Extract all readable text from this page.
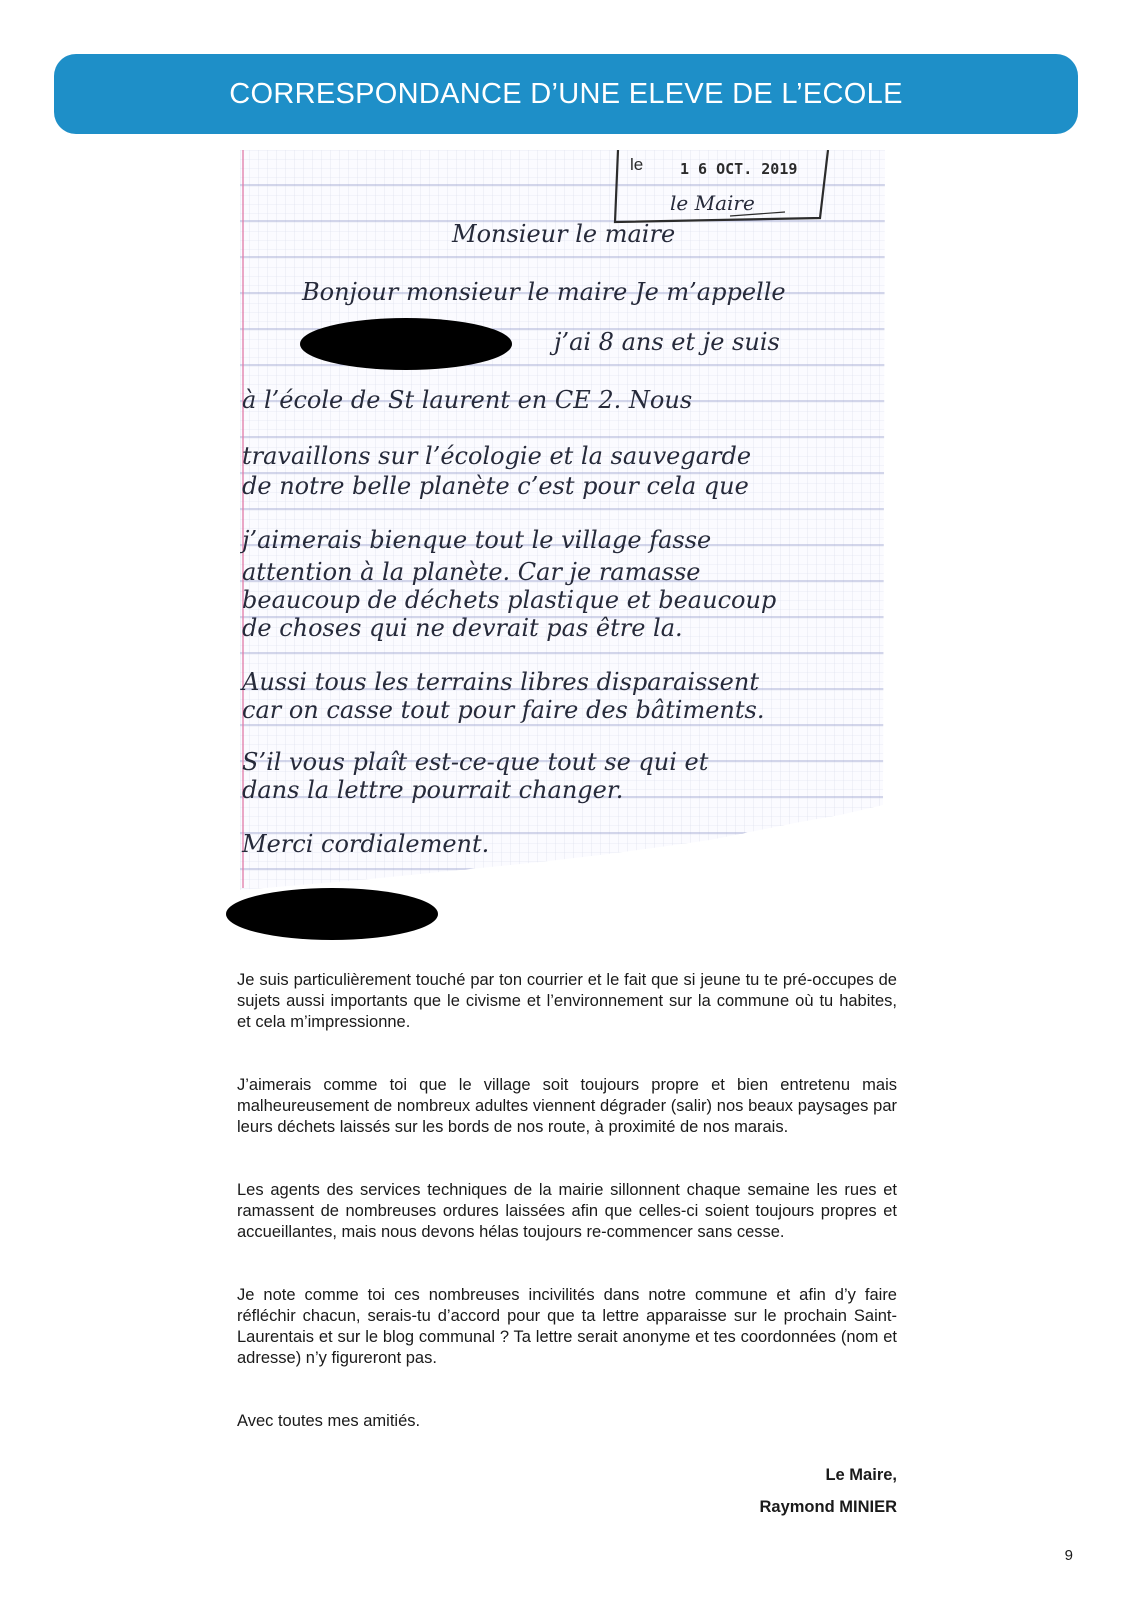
CORRESPONDANCE D’UNE ELEVE DE L’ECOLE
le 1 6 OCT. 2019
le Maire
Monsieur le maire
Bonjour monsieur le maire Je m’appelle
j’ai 8 ans et je suis
à l’école de St laurent en CE 2. Nous
travaillons sur l’écologie et la sauvegarde
de notre belle planète c’est pour cela que
j’aimerais bienque tout le village fasse
attention à la planète. Car je ramasse
beaucoup de déchets plastique et beaucoup
de choses qui ne devrait pas être la.
Aussi tous les terrains libres disparaissent
car on casse tout pour faire des bâtiments.
S’il vous plaît est-ce-que tout se qui et
dans la lettre pourrait changer.
Merci cordialement.

Je suis particulièrement touché par ton courrier et le fait que si jeune tu te pré-occupes de sujets aussi importants que le civisme et l’environnement sur la commune où tu habites, et cela m’impressionne.

J’aimerais comme toi que le village soit toujours propre et bien entretenu mais malheureusement de nombreux adultes viennent dégrader (salir) nos beaux paysages par leurs déchets laissés sur les bords de nos route, à proximité de nos marais.

Les agents des services techniques de la mairie sillonnent chaque semaine les rues et ramassent de nombreuses ordures laissées afin que celles-ci soient toujours propres et accueillantes, mais nous devons hélas toujours re-commencer sans cesse.

Je note comme toi ces nombreuses incivilités dans notre commune et afin d’y faire réfléchir chacun, serais-tu d’accord pour que ta lettre apparaisse sur le prochain Saint-Laurentais et sur le blog communal ? Ta lettre serait anonyme et tes coordonnées (nom et adresse) n’y figureront pas.

Avec toutes mes amitiés.

Le Maire,
Raymond MINIER
9
